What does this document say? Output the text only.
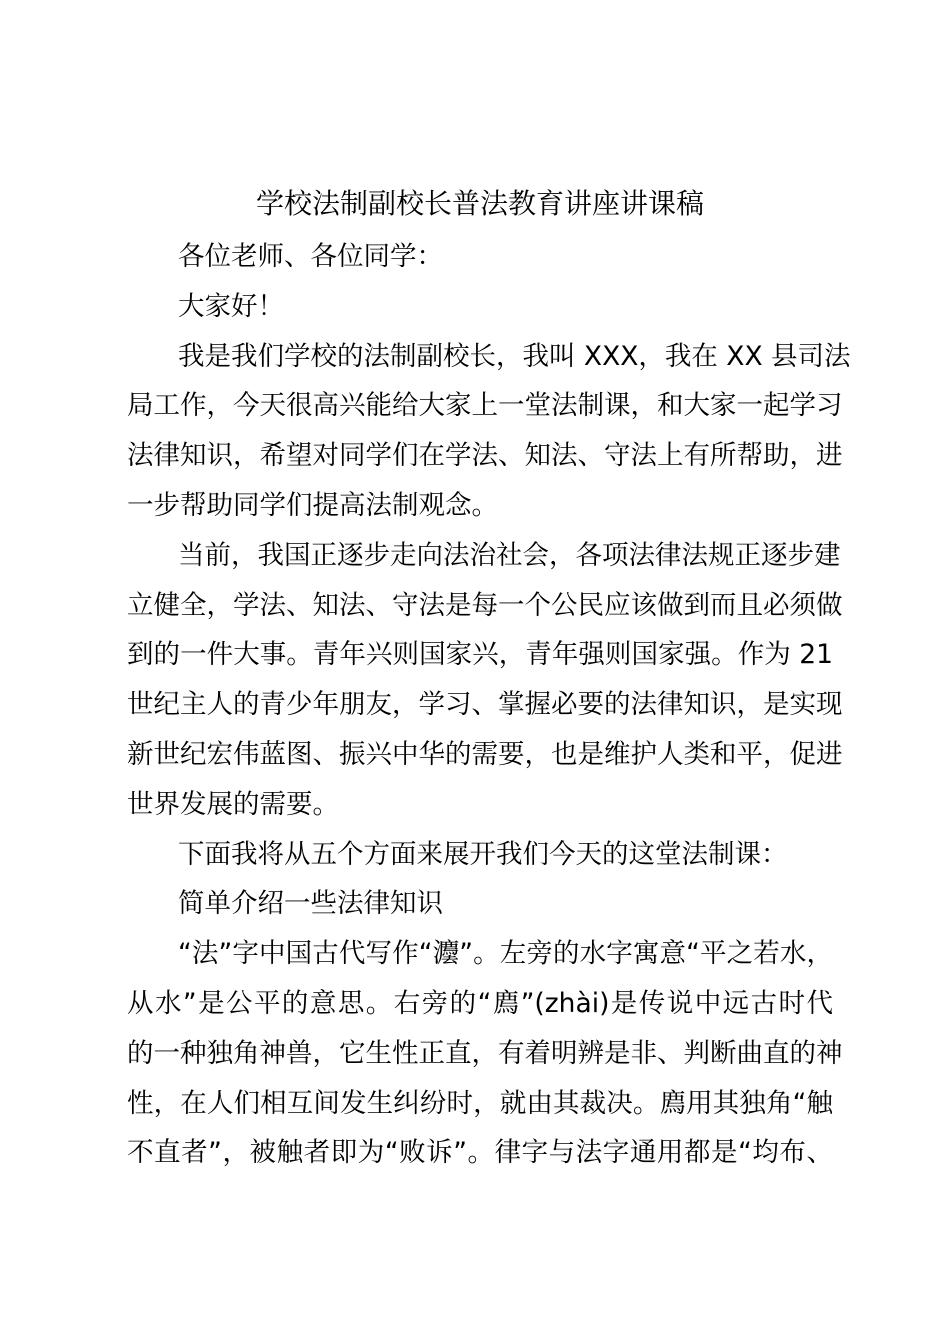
学校法制副校长普法教育讲座讲课稿
各位老师、各位同学：
大家好！
我是我们学校的法制副校长，我叫 XXX，我在 XX 县司法
局工作，今天很高兴能给大家上一堂法制课，和大家一起学习
法律知识，希望对同学们在学法、知法、守法上有所帮助，进
一步帮助同学们提高法制观念。
当前，我国正逐步走向法治社会，各项法律法规正逐步建
立健全，学法、知法、守法是每一个公民应该做到而且必须做
到的一件大事。青年兴则国家兴，青年强则国家强。作为 21
世纪主人的青少年朋友，学习、掌握必要的法律知识，是实现
新世纪宏伟蓝图、振兴中华的需要，也是维护人类和平，促进
世界发展的需要。
下面我将从五个方面来展开我们今天的这堂法制课：
简单介绍一些法律知识
“法”字中国古代写作“灋”。左旁的水字寓意“平之若水，
从水”是公平的意思。右旁的“廌”(zhài)是传说中远古时代
的一种独角神兽，它生性正直，有着明辨是非、判断曲直的神
性，在人们相互间发生纠纷时，就由其裁决。廌用其独角“触
不直者”，被触者即为“败诉”。律字与法字通用都是“均布、
